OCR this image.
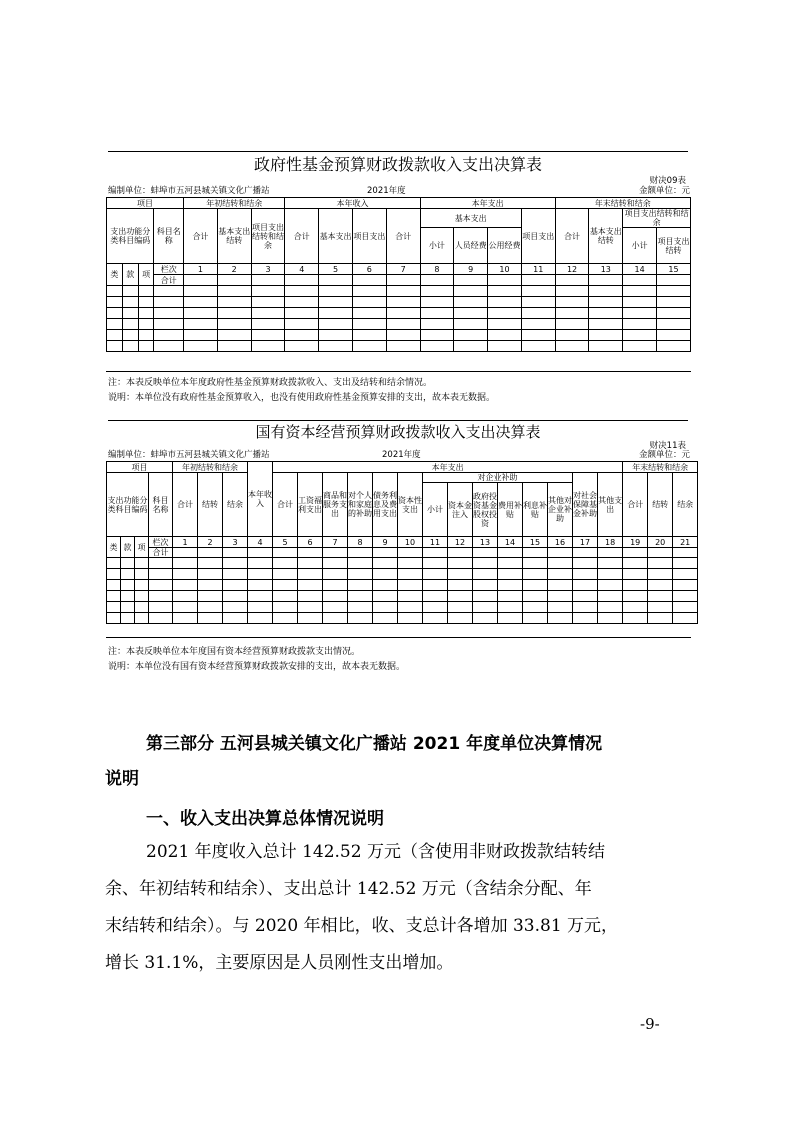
政府性基金预算财政拨款收入支出决算表
财决09表
编制单位：蚌埠市五河县城关镇文化广播站	2021年度	金额单位：元
项目				年初结转和结余			本年收入				本年支出				年末结转和结余			
支出功能分类科目编码			科目名称	合计	基本支出结转	项目支出结转和结余	合计	基本支出	项目支出	合计	基本支出			项目支出	合计	基本支出结转	项目支出结转和结余	
											小计	人员经费	公用经费				小计	项目支出结转
类	款	项	栏次	1	2	3	4	5	6	7	8	9	10	11	12	13	14	15
			合计															

注：本表反映单位本年度政府性基金预算财政拨款收入、支出及结转和结余情况。
说明：本单位没有政府性基金预算收入，也没有使用政府性基金预算安排的支出，故本表无数据。
国有资本经营预算财政拨款收入支出决算表
财决11表
编制单位：蚌埠市五河县城关镇文化广播站	2021年度	金额单位：元
项目				年初结转和结余			本年收入	本年支出														年末结转和结余		
支出功能分类科目编码			科目名称	合计	结转	结余		合计	工资福利支出	商品和服务支出	对个人和家庭的补助	债务利息及费用支出	资本性支出	对企业补助						对社会保障基金补助	其他支出	合计	结转	结余
														小计	资本金注入	政府投资基金股权投资	费用补贴	利息补贴	其他对企业补助					
类	款	项	栏次	1	2	3	4	5	6	7	8	9	10	11	12	13	14	15	16	17	18	19	20	21
			合计																					

注：本表反映单位本年度国有资本经营预算财政拨款支出情况。
说明：本单位没有国有资本经营预算财政拨款安排的支出，故本表无数据。
第三部分 五河县城关镇文化广播站 2021 年度单位决算情况
说明
一、收入支出决算总体情况说明
2021 年度收入总计 142.52 万元（含使用非财政拨款结转结
余、年初结转和结余）、支出总计 142.52 万元（含结余分配、年
末结转和结余）。与 2020 年相比，收、支总计各增加 33.81 万元，
增长 31.1%，主要原因是人员刚性支出增加。
-9-
